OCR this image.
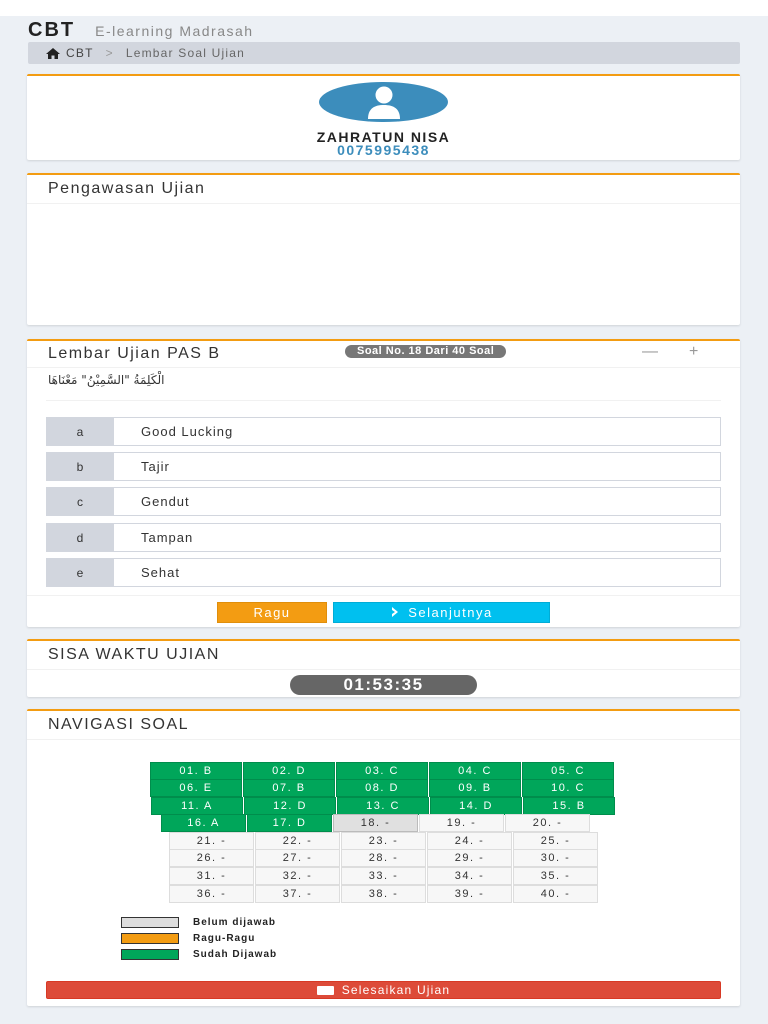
CBT E-learning Madrasah
CBT > Lembar Soal Ujian
ZAHRATUN NISA
0075995438
Pengawasan Ujian
Lembar Ujian PAS B	Soal No. 18 Dari 40 Soal	— +
الْكَلِمَةُ "السَّمِيْنُ" مَعْنَاهَا
a	Good Lucking
b	Tajir
c	Gendut
d	Tampan
e	Sehat
Ragu	Selanjutnya
SISA WAKTU UJIAN
01:53:35
NAVIGASI SOAL
01. B	02. D	03. C	04. C	05. C
06. E	07. B	08. D	09. B	10. C
11. A	12. D	13. C	14. D	15. B
16. A	17. D	18. -	19. -	20. -
21. -	22. -	23. -	24. -	25. -
26. -	27. -	28. -	29. -	30. -
31. -	32. -	33. -	34. -	35. -
36. -	37. -	38. -	39. -	40. -
Belum dijawab
Ragu-Ragu
Sudah Dijawab
Selesaikan Ujian
